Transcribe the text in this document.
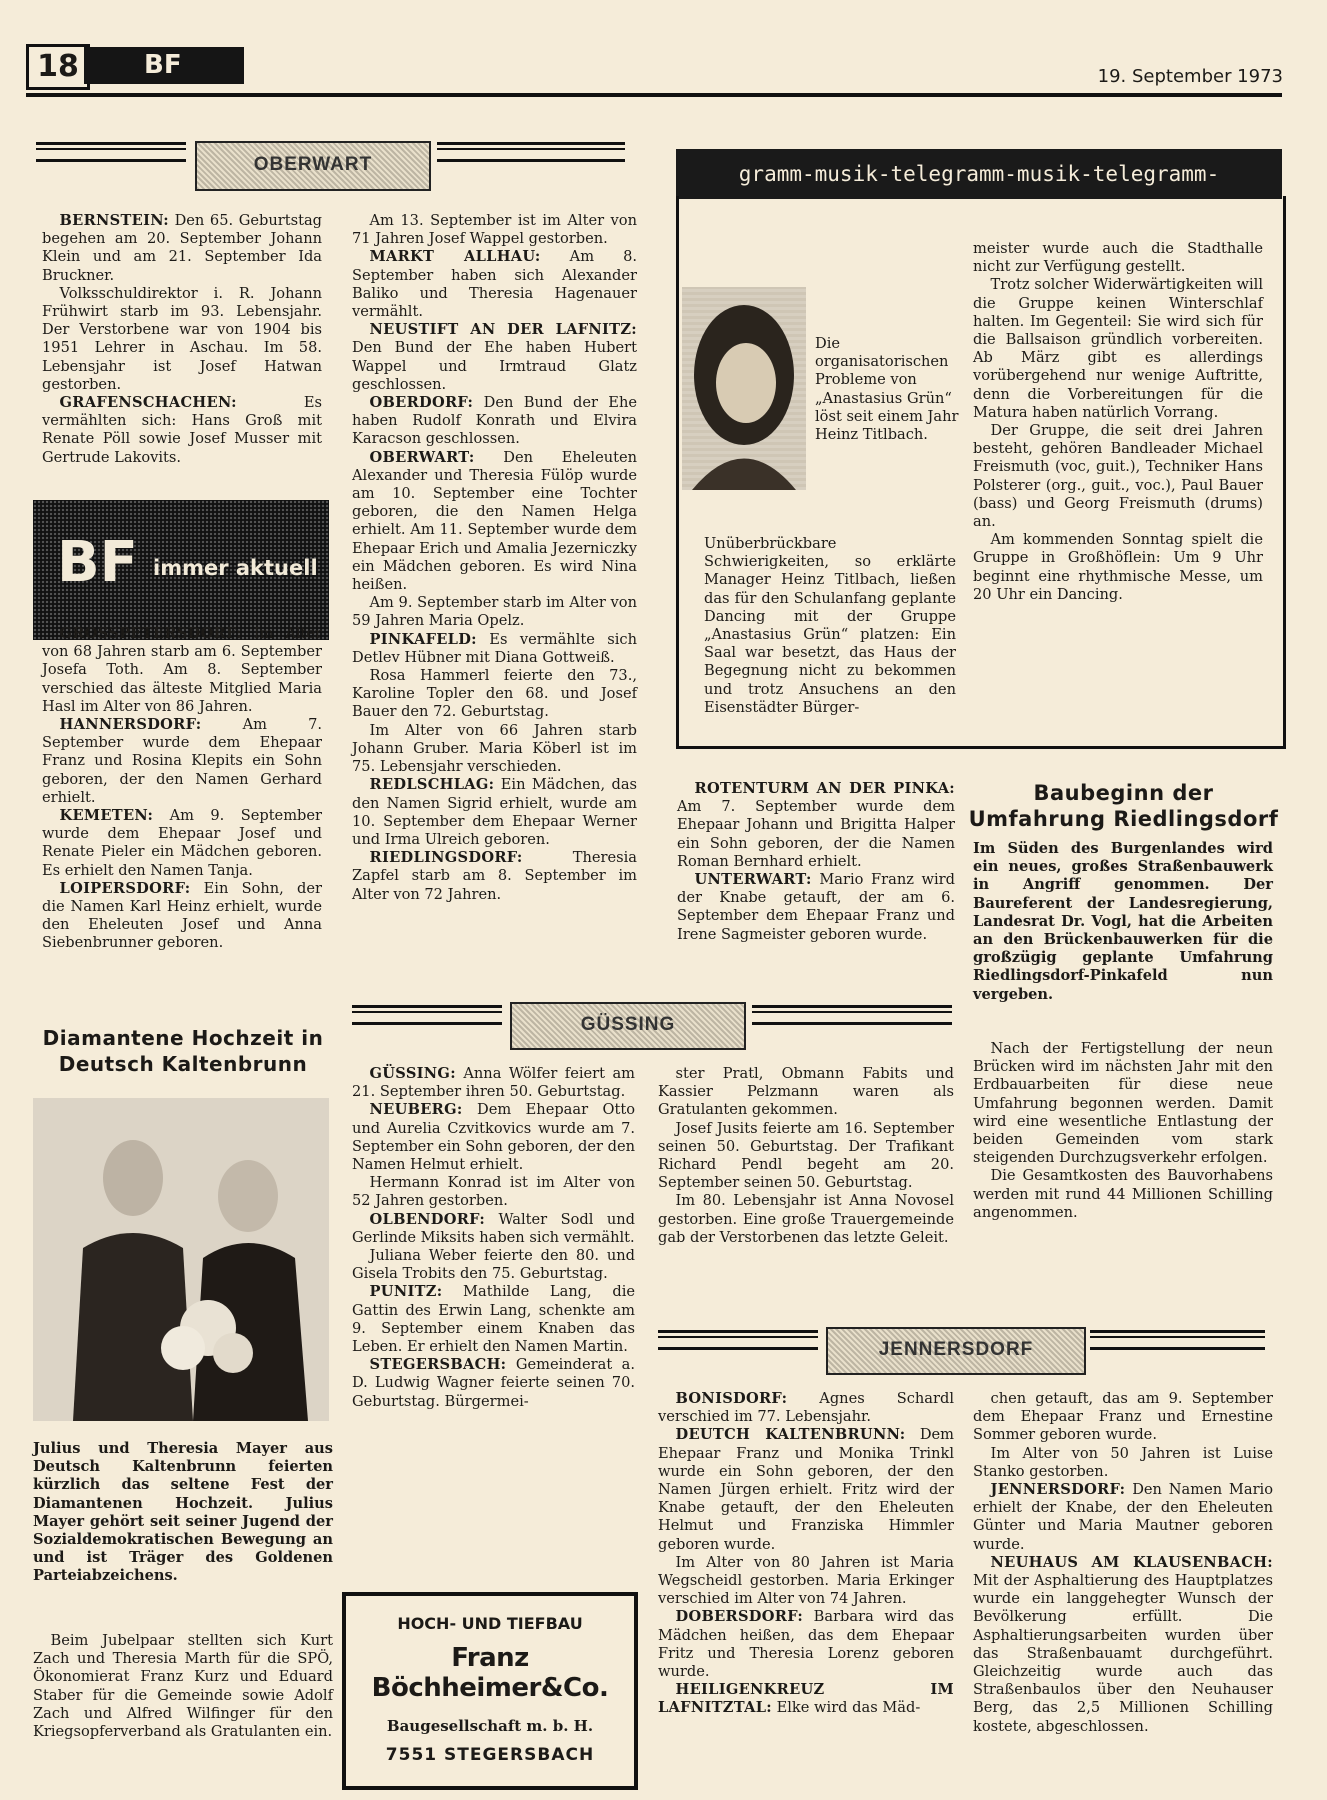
18	BF	19. September 1973
OBERWART

BERNSTEIN: Den 65. Geburtstag begehen am 20. September Johann Klein und am 21. September Ida Bruckner.

Volksschuldirektor i. R. Johann Frühwirt starb im 93. Lebensjahr. Der Verstorbene war von 1904 bis 1951 Lehrer in Aschau. Im 58. Lebensjahr ist Josef Hatwan gestorben.

GRAFENSCHACHEN:	Es vermählten sich: Hans Groß mit Renate Pöll sowie Josef Musser mit Gertrude Lakovits.

BF immer aktuell

GROSSPETERSDORF: Im Alter von 68 Jahren starb am 6. September Josefa Toth. Am 8. September verschied das älteste Mitglied Maria Hasl im Alter von 86 Jahren.

HANNERSDORF:	Am 7. September wurde dem Ehepaar Franz und Rosina Klepits ein Sohn geboren, der den Namen Gerhard erhielt.

KEMETEN: Am 9. September wurde dem Ehepaar Josef und Renate Pieler ein Mädchen geboren. Es erhielt den Namen Tanja.

LOIPERSDORF: Ein Sohn, der die Namen Karl Heinz erhielt, wurde den Eheleuten Josef und Anna Siebenbrunner geboren.

Am 13. September ist im Alter von 71 Jahren Josef Wappel gestorben.

MARKT ALLHAU: Am 8. September haben sich Alexander Baliko und Theresia Hagenauer vermählt.

NEUSTIFT AN DER LAFNITZ: Den Bund der Ehe haben Hubert Wappel und Irmtraud Glatz geschlossen.

OBERDORF: Den Bund der Ehe haben Rudolf Konrath und Elvira Karacson geschlossen.

OBERWART: Den Eheleuten Alexander und Theresia Fülöp wurde am 10. September eine Tochter geboren, die den Namen Helga erhielt. Am 11. September wurde dem Ehepaar Erich und Amalia Jezerniczky ein Mädchen geboren. Es wird Nina heißen.

Am 9. September starb im Alter von 59 Jahren Maria Opelz.

PINKAFELD: Es vermählte sich Detlev Hübner mit Diana Gottweiß.

Rosa Hammerl feierte den 73., Karoline Topler den 68. und Josef Bauer den 72. Geburtstag.

Im Alter von 66 Jahren starb Johann Gruber. Maria Köberl ist im 75. Lebensjahr verschieden.

REDLSCHLAG: Ein Mädchen, das den Namen Sigrid erhielt, wurde am 10. September dem Ehepaar Werner und Irma Ulreich geboren.

RIEDLINGSDORF:	Theresia Zapfel starb am 8. September im Alter von 72 Jahren.

gramm-musik-telegramm-musik-telegramm-
Die organisatorischen Probleme von „Anastasius Grün“ löst seit einem Jahr Heinz Titlbach.
Unüberbrückbare Schwierigkeiten, so erklärte Manager Heinz Titlbach, ließen das für den Schulanfang geplante Dancing mit der Gruppe „Anastasius Grün“ platzen: Ein Saal war besetzt, das Haus der Begegnung nicht zu bekommen und trotz Ansuchens an den Eisenstädter Bürger-

meister wurde auch die Stadthalle nicht zur Verfügung gestellt.

Trotz solcher Widerwärtigkeiten will die Gruppe keinen Winterschlaf halten. Im Gegenteil: Sie wird sich für die Ballsaison gründlich vorbereiten. Ab März gibt es allerdings vorübergehend nur wenige Auftritte, denn die Vorbereitungen für die Matura haben natürlich Vorrang.

Der Gruppe, die seit drei Jahren besteht, gehören Bandleader Michael Freismuth (voc, guit.), Techniker Hans Polsterer (org., guit., voc.), Paul Bauer (bass) und Georg Freismuth (drums) an.

Am kommenden Sonntag spielt die Gruppe in Großhöflein: Um 9 Uhr beginnt eine rhythmische Messe, um 20 Uhr ein Dancing.

ROTENTURM AN DER PINKA: Am 7. September wurde dem Ehepaar Johann und Brigitta Halper ein Sohn geboren, der die Namen Roman Bernhard erhielt.

UNTERWART: Mario Franz wird der Knabe getauft, der am 6. September dem Ehepaar Franz und Irene Sagmeister geboren wurde.

Baubeginn der Umfahrung Riedlingsdorf
Im Süden des Burgenlandes wird ein neues, großes Straßenbauwerk in Angriff genommen. Der Baureferent der Landesregierung, Landesrat Dr. Vogl, hat die Arbeiten an den Brückenbauwerken für die großzügig geplante Umfahrung Riedlingsdorf-Pinkafeld nun vergeben.

Nach der Fertigstellung der neun Brücken wird im nächsten Jahr mit den Erdbauarbeiten für diese neue Umfahrung begonnen werden. Damit wird eine wesentliche Entlastung der beiden Gemeinden vom stark steigenden Durchzugsverkehr erfolgen.

Die Gesamtkosten des Bauvorhabens werden mit rund 44 Millionen Schilling angenommen.

Diamantene Hochzeit in Deutsch Kaltenbrunn
Julius und Theresia Mayer aus Deutsch Kaltenbrunn feierten kürzlich das seltene Fest der Diamantenen Hochzeit. Julius Mayer gehört seit seiner Jugend der Sozialdemokratischen Bewegung an und ist Träger des Goldenen Parteiabzeichens.
Beim Jubelpaar stellten sich Kurt Zach und Theresia Marth für die SPÖ, Ökonomierat Franz Kurz und Eduard Staber für die Gemeinde sowie Adolf Zach und Alfred Wilfinger für den Kriegsopferverband als Gratulanten ein.
GÜSSING

GÜSSING: Anna Wölfer feiert am 21. September ihren 50. Geburtstag.

NEUBERG: Dem Ehepaar Otto und Aurelia Czvitkovics wurde am 7. September ein Sohn geboren, der den Namen Helmut erhielt.

Hermann Konrad ist im Alter von 52 Jahren gestorben.

OLBENDORF: Walter Sodl und Gerlinde Miksits haben sich vermählt.

Juliana Weber feierte den 80. und Gisela Trobits den 75. Geburtstag.

PUNITZ: Mathilde Lang, die Gattin des Erwin Lang, schenkte am 9. September einem Knaben das Leben. Er erhielt den Namen Martin.

STEGERSBACH: Gemeinderat a. D. Ludwig Wagner feierte seinen 70. Geburtstag. Bürgermei-

ster Pratl, Obmann Fabits und Kassier Pelzmann waren als Gratulanten gekommen.

Josef Jusits feierte am 16. September seinen 50. Geburtstag. Der Trafikant Richard Pendl begeht am 20. September seinen 50. Geburtstag.

Im 80. Lebensjahr ist Anna Novosel gestorben. Eine große Trauergemeinde gab der Verstorbenen das letzte Geleit.

JENNERSDORF

BONISDORF: Agnes Schardl verschied im 77. Lebensjahr.

DEUTCH KALTENBRUNN: Dem Ehepaar Franz und Monika Trinkl wurde ein Sohn geboren, der den Namen Jürgen erhielt. Fritz wird der Knabe getauft, der den Eheleuten Helmut und Franziska Himmler geboren wurde.

Im Alter von 80 Jahren ist Maria Wegscheidl gestorben. Maria Erkinger verschied im Alter von 74 Jahren.

DOBERSDORF: Barbara wird das Mädchen heißen, das dem Ehepaar Fritz und Theresia Lorenz geboren wurde.

HEILIGENKREUZ IM LAFNITZTAL: Elke wird das Mäd-

chen getauft, das am 9. September dem Ehepaar Franz und Ernestine Sommer geboren wurde.

Im Alter von 50 Jahren ist Luise Stanko gestorben.

JENNERSDORF: Den Namen Mario erhielt der Knabe, der den Eheleuten Günter und Maria Mautner geboren wurde.

NEUHAUS AM KLAUSENBACH: Mit der Asphaltierung des Hauptplatzes wurde ein langgehegter Wunsch der Bevölkerung erfüllt. Die Asphaltierungsarbeiten wurden über das Straßenbauamt durchgeführt. Gleichzeitig wurde auch das Straßenbaulos über den Neuhauser Berg, das 2,5 Millionen Schilling kostete, abgeschlossen.

HOCH- UND TIEFBAU
Franz Böchheimer&Co.
Baugesellschaft m. b. H.
7551 STEGERSBACH
